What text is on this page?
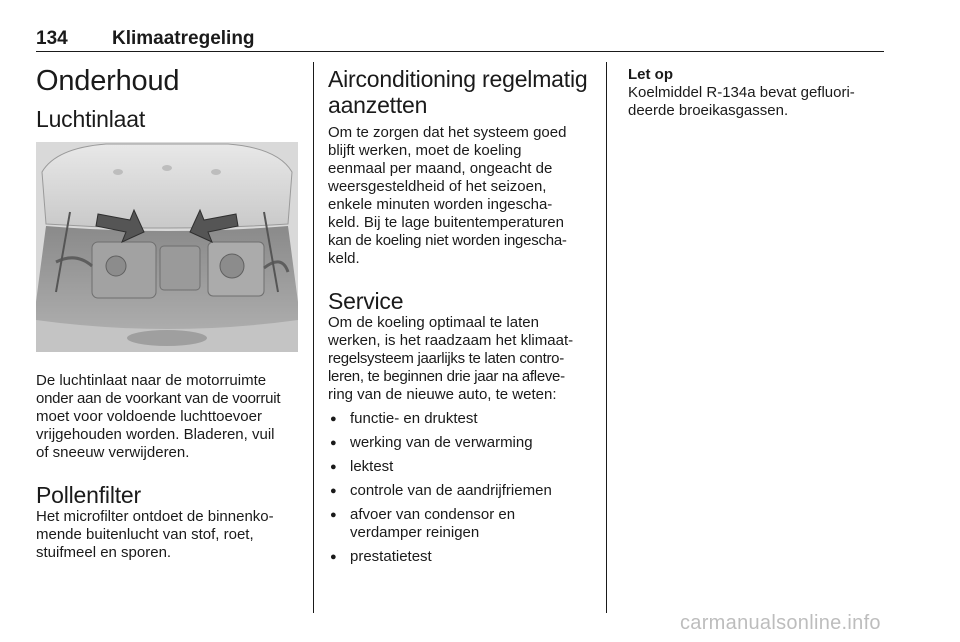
134 Klimaatregeling
Onderhoud
Luchtinlaat

De luchtinlaat naar de motorruimte

onder aan de voorkant van de voorruit

moet voor voldoende luchttoevoer

vrijgehouden worden. Bladeren, vuil

of sneeuw verwijderen.

Pollenfilter

Het microfilter ontdoet de binnenko-

mende buitenlucht van stof, roet,

stuifmeel en sporen.

Airconditioning regelmatig
aanzetten

Om te zorgen dat het systeem goed

blijft werken, moet de koeling

eenmaal per maand, ongeacht de

weersgesteldheid of het seizoen,

enkele minuten worden ingescha-

keld. Bij te lage buitentemperaturen

kan de koeling niet worden ingescha-

keld.

Service

Om de koeling optimaal te laten

werken, is het raadzaam het klimaat-

regelsysteem jaarlijks te laten contro-

leren, te beginnen drie jaar na afleve-

ring van de nieuwe auto, te weten:

● functie- en druktest
● werking van de verwarming
● lektest
● controle van de aandrijfriemen
● afvoer van condensor en
verdamper reinigen
● prestatietest
Let op

Koelmiddel R-134a bevat gefluori-

deerde broeikasgassen.

carmanualsonline.info
